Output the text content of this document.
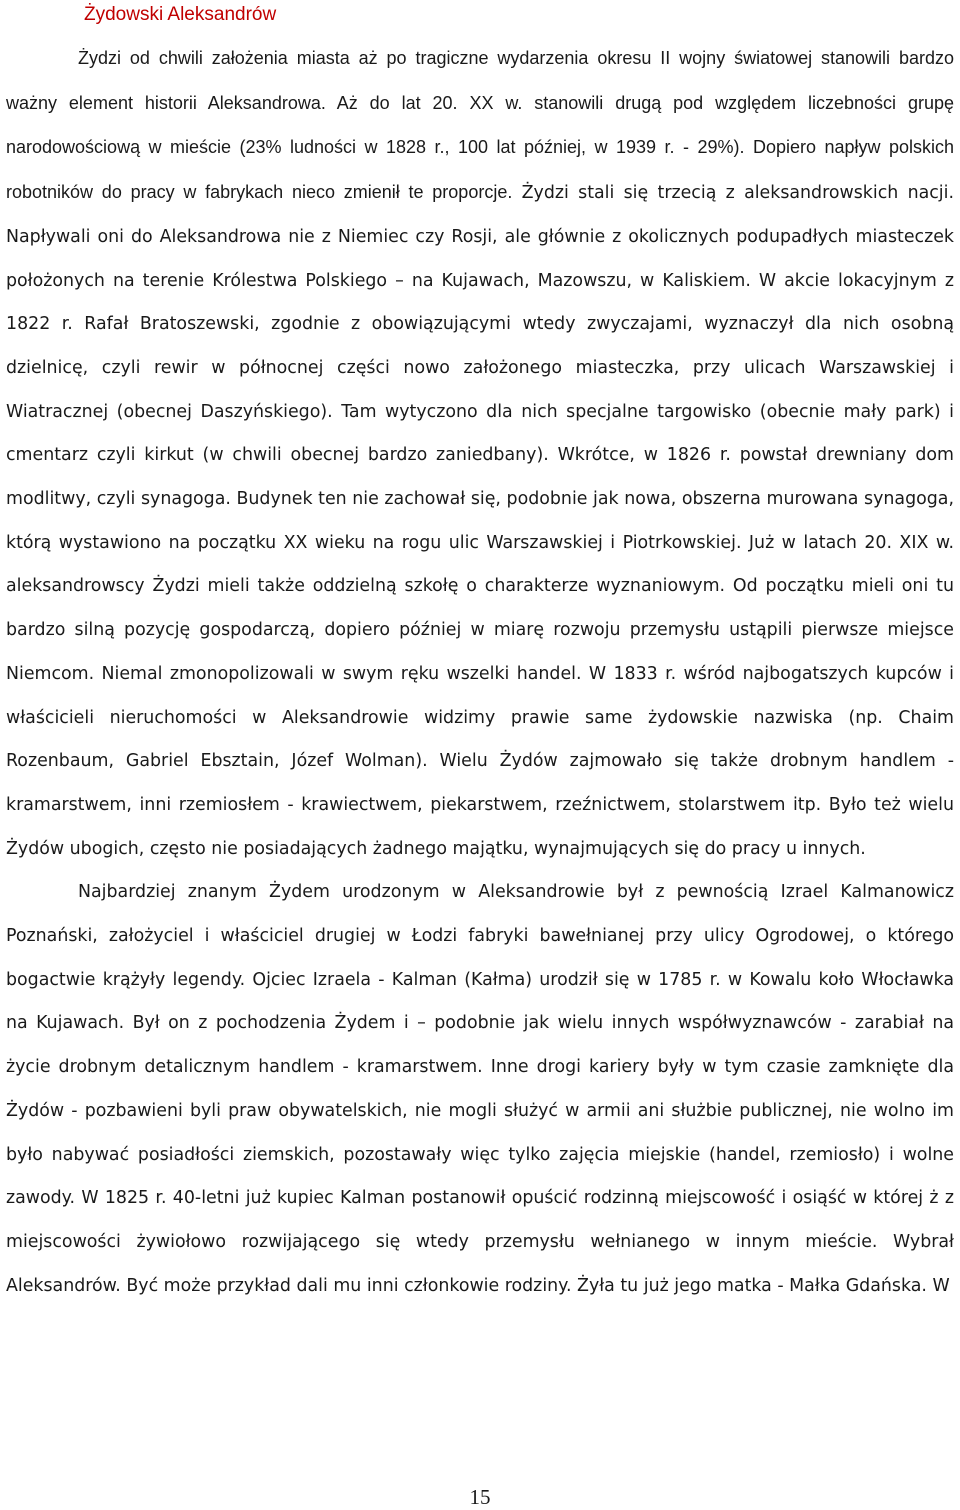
Żydowski Aleksandrów

Żydzi od chwili założenia miasta aż po tragiczne wydarzenia okresu II wojny światowej stanowili bardzo ważny element historii Aleksandrowa. Aż do lat 20. XX w. stanowili drugą pod względem liczebności grupę narodowościową w mieście (23% ludności w 1828 r., 100 lat później, w 1939 r. - 29%). Dopiero napływ polskich robotników do pracy w fabrykach nieco zmienił te proporcje. Żydzi stali się trzecią z aleksandrowskich nacji. Napływali oni do Aleksandrowa nie z Niemiec czy Rosji, ale głównie z okolicznych podupadłych miasteczek położonych na terenie Królestwa Polskiego – na Kujawach, Mazowszu, w Kaliskiem. W akcie lokacyjnym z 1822 r. Rafał Bratoszewski, zgodnie z obowiązującymi wtedy zwyczajami, wyznaczył dla nich osobną dzielnicę, czyli rewir w północnej części nowo założonego miasteczka, przy ulicach Warszawskiej i Wiatracznej (obecnej Daszyńskiego). Tam wytyczono dla nich specjalne targowisko (obecnie mały park) i cmentarz czyli kirkut (w chwili obecnej bardzo zaniedbany). Wkrótce, w 1826 r. powstał drewniany dom modlitwy, czyli synagoga. Budynek ten nie zachował się, podobnie jak nowa, obszerna murowana synagoga, którą wystawiono na początku XX wieku na rogu ulic Warszawskiej i Piotrkowskiej. Już w latach 20. XIX w. aleksandrowscy Żydzi mieli także oddzielną szkołę o charakterze wyznaniowym. Od początku mieli oni tu bardzo silną pozycję gospodarczą, dopiero później w miarę rozwoju przemysłu ustąpili pierwsze miejsce Niemcom. Niemal zmonopolizowali w swym ręku wszelki handel. W 1833 r. wśród najbogatszych kupców i właścicieli nieruchomości w Aleksandrowie widzimy prawie same żydowskie nazwiska (np. Chaim Rozenbaum, Gabriel Ebsztain, Józef Wolman). Wielu Żydów zajmowało się także drobnym handlem - kramarstwem, inni rzemiosłem - krawiectwem, piekarstwem, rzeźnictwem, stolarstwem itp. Było też wielu Żydów ubogich, często nie posiadających żadnego majątku, wynajmujących się do pracy u innych.

Najbardziej znanym Żydem urodzonym w Aleksandrowie był z pewnością Izrael Kalmanowicz Poznański, założyciel i właściciel drugiej w Łodzi fabryki bawełnianej przy ulicy Ogrodowej, o którego bogactwie krążyły legendy. Ojciec Izraela - Kalman (Kałma) urodził się w 1785 r. w Kowalu koło Włocławka na Kujawach. Był on z pochodzenia Żydem i – podobnie jak wielu innych współwyznawców - zarabiał na życie drobnym detalicznym handlem - kramarstwem. Inne drogi kariery były w tym czasie zamknięte dla Żydów - pozbawieni byli praw obywatelskich, nie mogli służyć w armii ani służbie publicznej, nie wolno im było nabywać posiadłości ziemskich, pozostawały więc tylko zajęcia miejskie (handel, rzemiosło) i wolne zawody. W 1825 r. 40-letni już kupiec Kalman postanowił opuścić rodzinną miejscowość i osiąść w której ż z miejscowości żywiołowo rozwijającego się wtedy przemysłu wełnianego w innym mieście. Wybrał Aleksandrów. Być może przykład dali mu inni członkowie rodziny. Żyła tu już jego matka - Małka Gdańska. W

15
